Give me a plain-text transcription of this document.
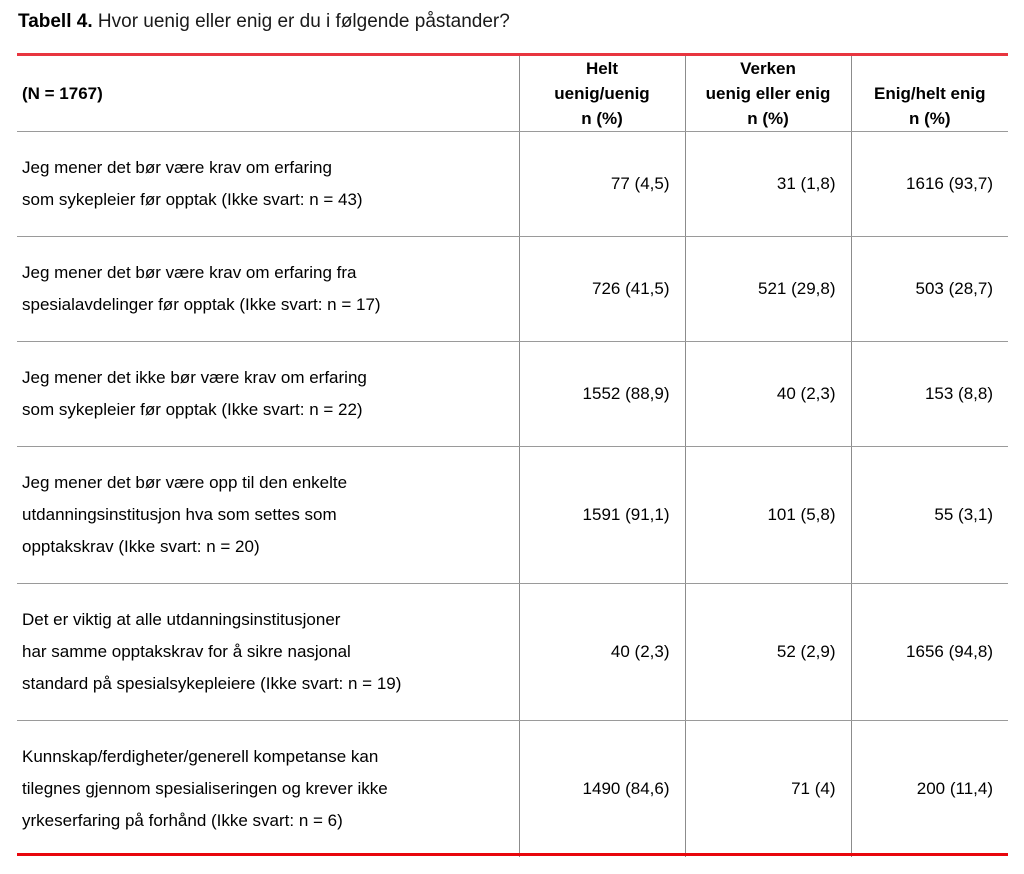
Tabell 4. Hvor uenig eller enig er du i følgende påstander?
(N = 1767)	Helt
uenig/uenig
n (%)	Verken
uenig eller enig
n (%)	Enig/helt enig
n (%)

Jeg mener det bør være krav om erfaring
som sykepleier før opptak (Ikke svart: n = 43)	77 (4,5)	31 (1,8)	1616 (93,7)

Jeg mener det bør være krav om erfaring fra
spesialavdelinger før opptak (Ikke svart: n = 17)	726 (41,5)	521 (29,8)	503 (28,7)

Jeg mener det ikke bør være krav om erfaring
som sykepleier før opptak (Ikke svart: n = 22)	1552 (88,9)	40 (2,3)	153 (8,8)

Jeg mener det bør være opp til den enkelte
utdanningsinstitusjon hva som settes som
opptakskrav (Ikke svart: n = 20)	1591 (91,1)	101 (5,8)	55 (3,1)

Det er viktig at alle utdanningsinstitusjoner
har samme opptakskrav for å sikre nasjonal
standard på spesialsykepleiere (Ikke svart: n = 19)	40 (2,3)	52 (2,9)	1656 (94,8)

Kunnskap/ferdigheter/generell kompetanse kan
tilegnes gjennom spesialiseringen og krever ikke
yrkeserfaring på forhånd (Ikke svart: n = 6)	1490 (84,6)	71 (4)	200 (11,4)
